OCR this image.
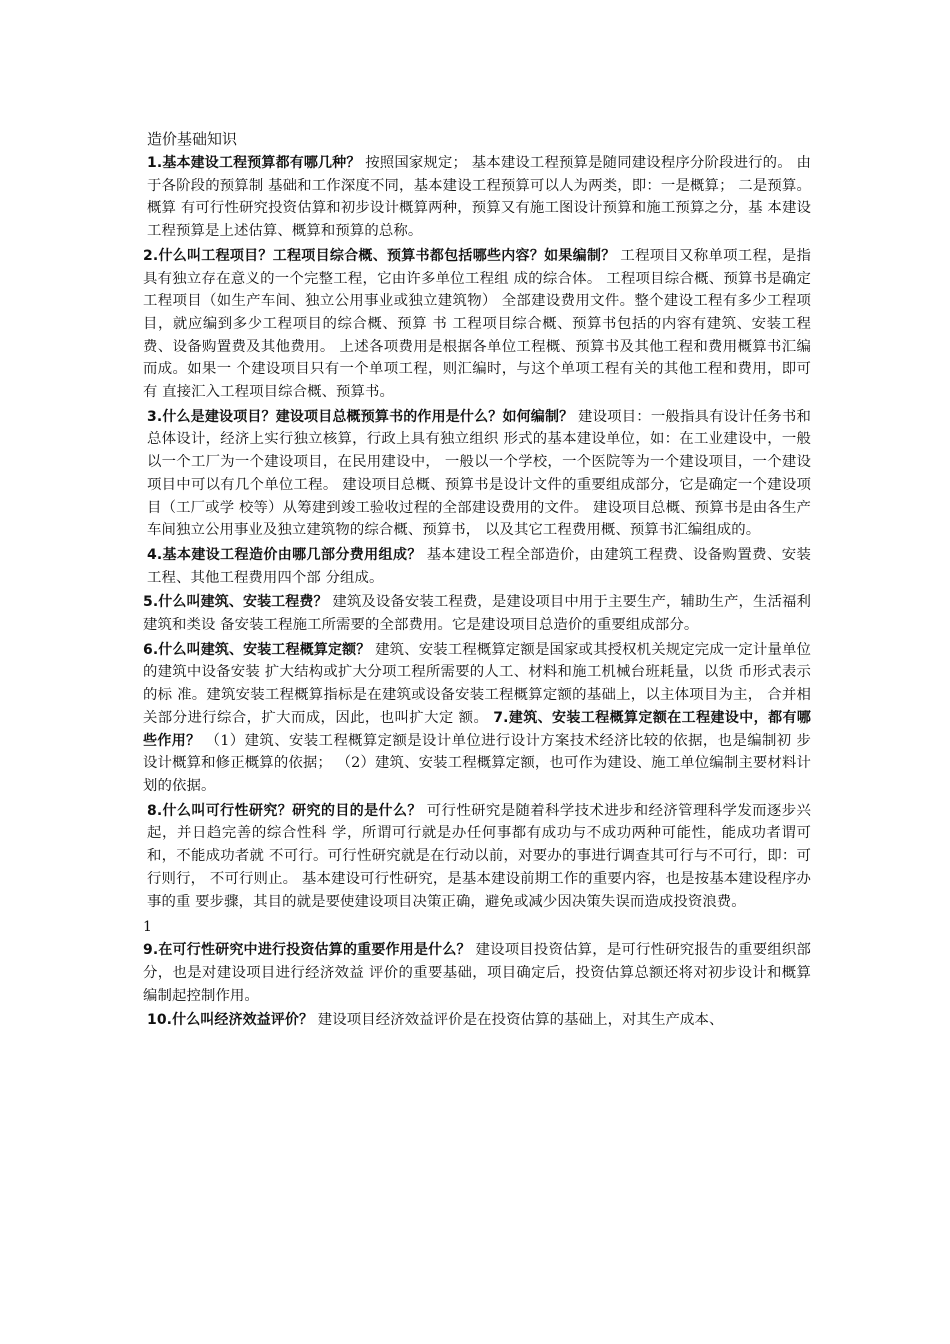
造价基础知识

1.基本建设工程预算都有哪几种？ 按照国家规定； 基本建设工程预算是随同建设程序分阶段进行的。 由于各阶段的预算制 基础和工作深度不同，基本建设工程预算可以人为两类，即：一是概算； 二是预算。概算 有可行性研究投资估算和初步设计概算两种，预算又有施工图设计预算和施工预算之分，基 本建设工程预算是上述估算、概算和预算的总称。

2.什么叫工程项目？工程项目综合概、预算书都包括哪些内容？如果编制？ 工程项目又称单项工程，是指具有独立存在意义的一个完整工程，它由许多单位工程组 成的综合体。 工程项目综合概、预算书是确定工程项目（如生产车间、独立公用事业或独立建筑物） 全部建设费用文件。整个建设工程有多少工程项目，就应编到多少工程项目的综合概、预算 书 工程项目综合概、预算书包括的内容有建筑、安装工程费、设备购置费及其他费用。 上述各项费用是根据各单位工程概、预算书及其他工程和费用概算书汇编而成。如果一 个建设项目只有一个单项工程，则汇编时，与这个单项工程有关的其他工程和费用，即可有 直接汇入工程项目综合概、预算书。

3.什么是建设项目？建设项目总概预算书的作用是什么？如何编制？ 建设项目：一般指具有设计任务书和总体设计，经济上实行独立核算，行政上具有独立组织 形式的基本建设单位，如：在工业建设中，一般以一个工厂为一个建设项目，在民用建设中， 一般以一个学校，一个医院等为一个建设项目，一个建设项目中可以有几个单位工程。 建设项目总概、预算书是设计文件的重要组成部分，它是确定一个建设项目（工厂或学 校等）从筹建到竣工验收过程的全部建设费用的文件。 建设项目总概、预算书是由各生产车间独立公用事业及独立建筑物的综合概、预算书， 以及其它工程费用概、预算书汇编组成的。

4.基本建设工程造价由哪几部分费用组成？ 基本建设工程全部造价，由建筑工程费、设备购置费、安装工程、其他工程费用四个部 分组成。

5.什么叫建筑、安装工程费？ 建筑及设备安装工程费，是建设项目中用于主要生产，辅助生产，生活福利建筑和类设 备安装工程施工所需要的全部费用。它是建设项目总造价的重要组成部分。

6.什么叫建筑、安装工程概算定额？ 建筑、安装工程概算定额是国家或其授权机关规定完成一定计量单位的建筑中设备安装 扩大结构或扩大分项工程所需要的人工、材料和施工机械台班耗量，以货 币形式表示的标 准。建筑安装工程概算指标是在建筑或设备安装工程概算定额的基础上，以主体项目为主， 合并相关部分进行综合，扩大而成，因此，也叫扩大定 额。 7.建筑、安装工程概算定额在工程建设中，都有哪些作用？ （1）建筑、安装工程概算定额是设计单位进行设计方案技术经济比较的依据，也是编制初 步设计概算和修正概算的依据； （2）建筑、安装工程概算定额，也可作为建设、施工单位编制主要材料计划的依据。

8.什么叫可行性研究？研究的目的是什么？ 可行性研究是随着科学技术进步和经济管理科学发而逐步兴起，并日趋完善的综合性科 学，所谓可行就是办任何事都有成功与不成功两种可能性，能成功者谓可和，不能成功者就 不可行。可行性研究就是在行动以前，对要办的事进行调查其可行与不可行，即：可行则行， 不可行则止。 基本建设可行性研究，是基本建设前期工作的重要内容，也是按基本建设程序办事的重 要步骤，其目的就是要使建设项目决策正确，避免或减少因决策失误而造成投资浪费。

1

9.在可行性研究中进行投资估算的重要作用是什么？ 建设项目投资估算，是可行性研究报告的重要组织部分，也是对建设项目进行经济效益 评价的重要基础，项目确定后，投资估算总额还将对初步设计和概算编制起控制作用。

10.什么叫经济效益评价？ 建设项目经济效益评价是在投资估算的基础上，对其生产成本、
